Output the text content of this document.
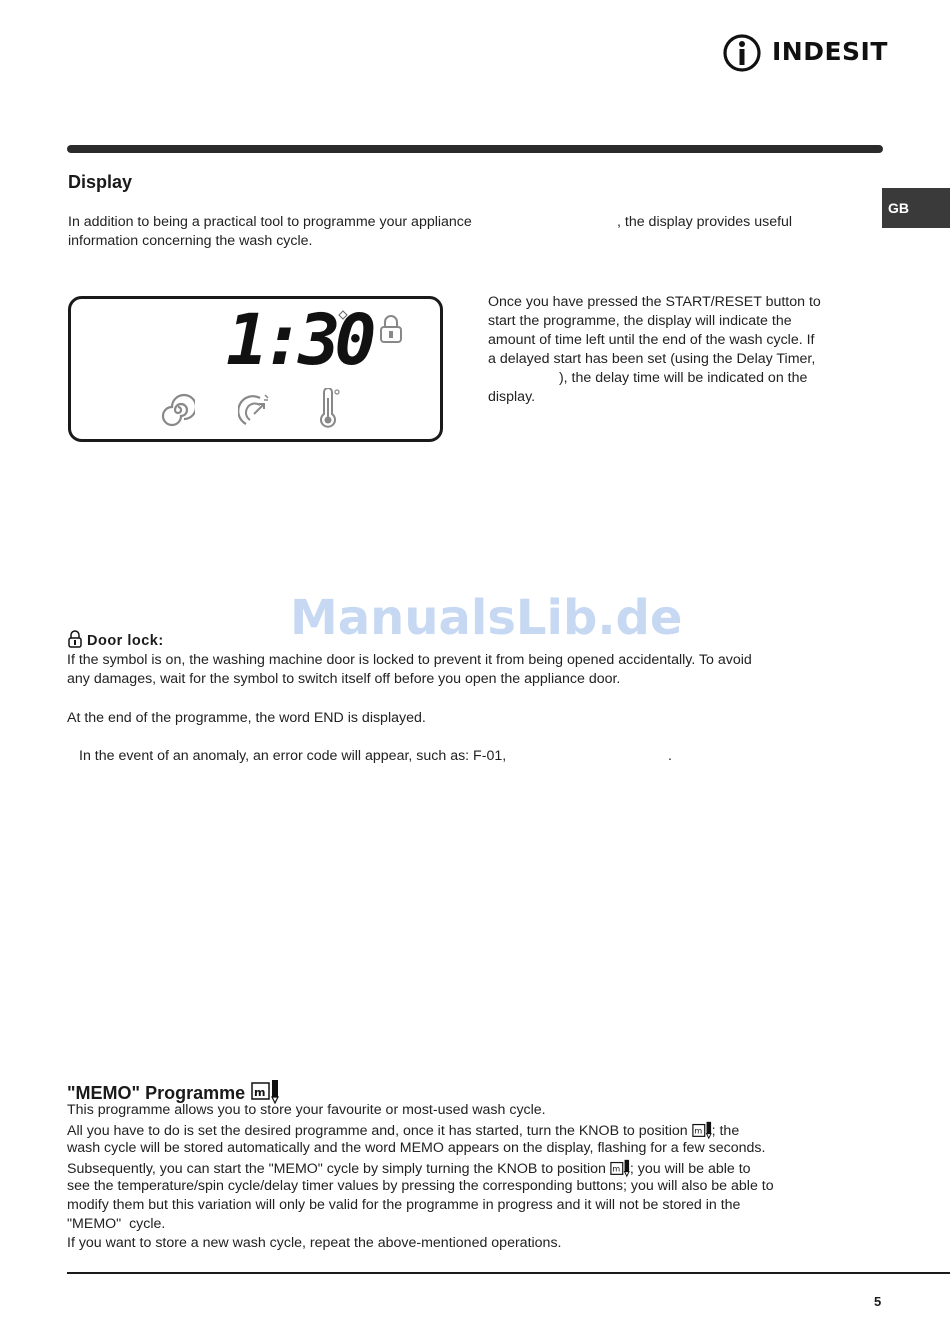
INDESIT
Display
GB
In addition to being a practical tool to programme your appliance	, the display provides useful
information concerning the wash cycle.
1:30	Once you have pressed the START/RESET button to
start the programme, the display will indicate the
amount of time left until the end of the wash cycle. If
a delayed start has been set (using the Delay Timer,
), the delay time will be indicated on the
display.
ManualsLib.de
Door lock:
If the symbol is on, the washing machine door is locked to prevent it from being opened accidentally. To avoid
any damages, wait for the symbol to switch itself off before you open the appliance door.
At the end of the programme, the word END is displayed.
In the event of an anomaly, an error code will appear, such as: F-01,	.
"MEMO" Programme m
This programme allows you to store your favourite or most-used wash cycle.
All you have to do is set the desired programme and, once it has started, turn the KNOB to position m ; the
wash cycle will be stored automatically and the word MEMO appears on the display, flashing for a few seconds.
Subsequently, you can start the "MEMO" cycle by simply turning the KNOB to position m ; you will be able to
see the temperature/spin cycle/delay timer values by pressing the corresponding buttons; you will also be able to
modify them but this variation will only be valid for the programme in progress and it will not be stored in the
"MEMO"  cycle.
If you want to store a new wash cycle, repeat the above-mentioned operations.
5
